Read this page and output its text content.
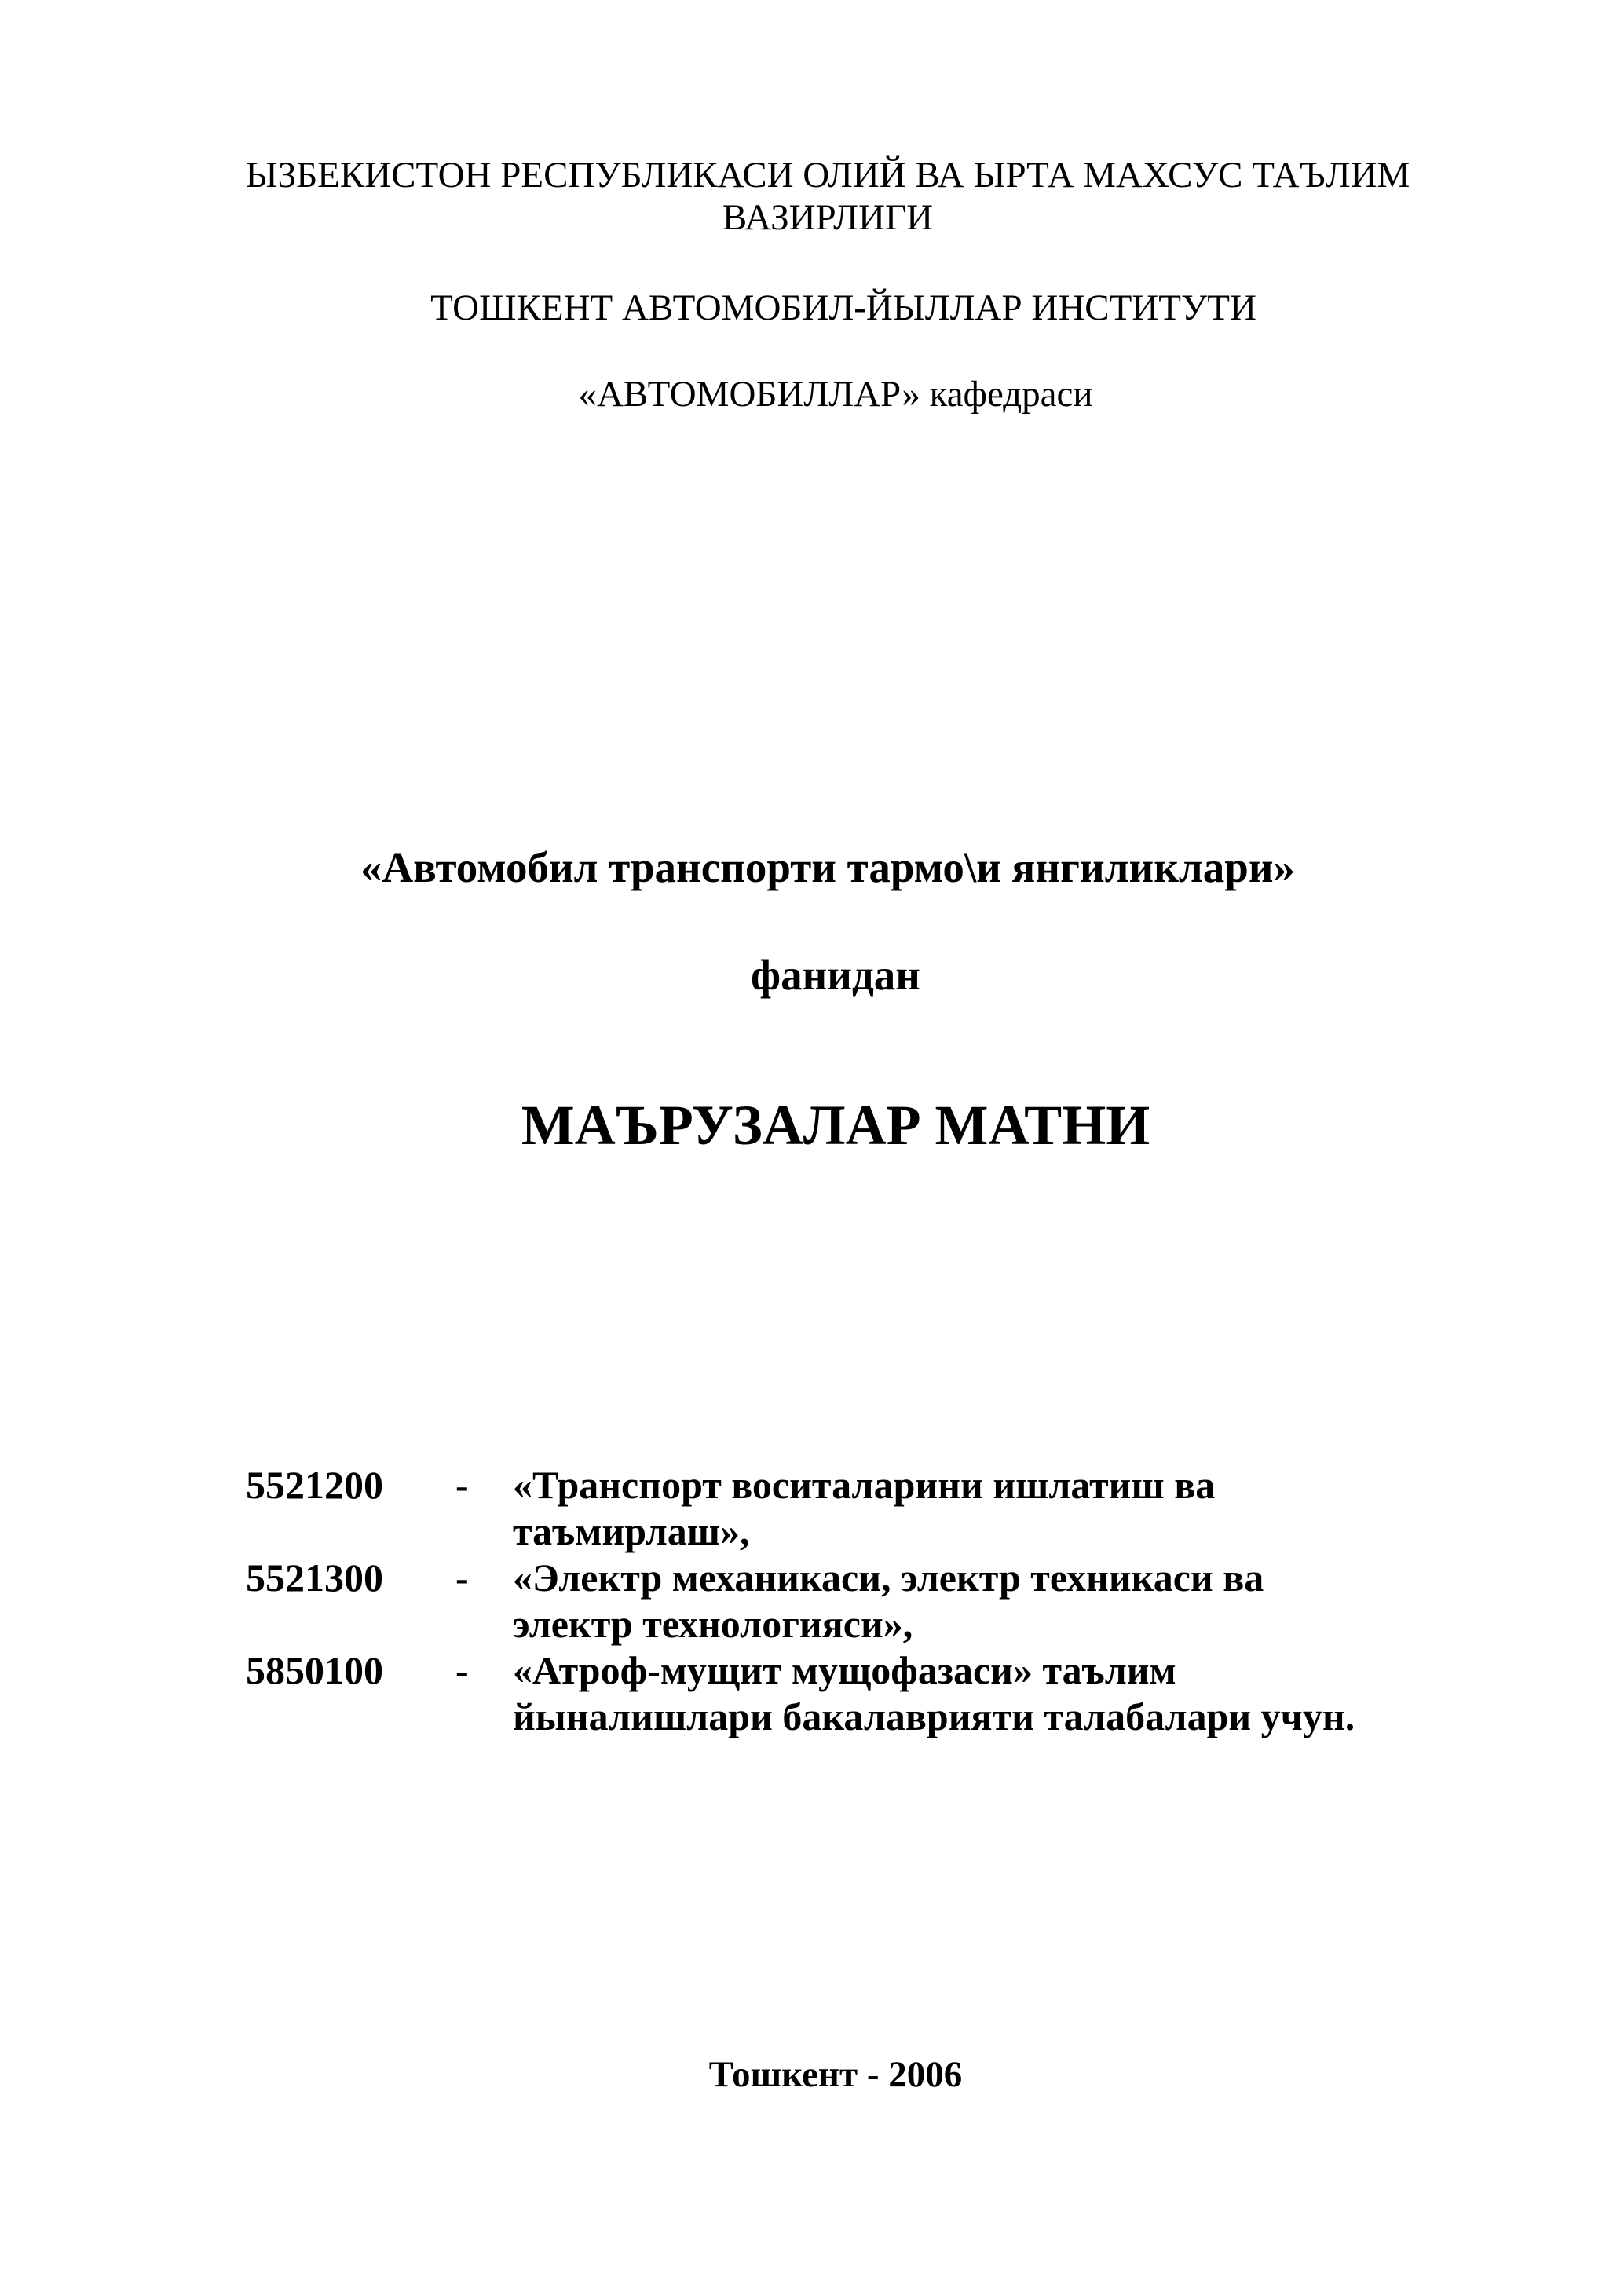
ЫЗБЕКИСТОН РЕСПУБЛИКАСИ ОЛИЙ ВА ЫРТА МАХСУС ТАЪЛИМ
ВАЗИРЛИГИ
ТОШКЕНТ АВТОМОБИЛ-ЙЫЛЛАР ИНСТИТУТИ
«АВТОМОБИЛЛАР» кафедраси
«Автомобил транспорти тармо\и янгиликлари»
фанидан
МАЪРУЗАЛАР МАТНИ
5521200 - «Транспорт воситаларини ишлатиш ва
таъмирлаш»,
5521300 - «Электр механикаси, электр техникаси ва
электр технологияси»,
5850100 - «Атроф-мущит мущофазаси» таълим
йыналишлари бакалаврияти талабалари учун.
Тошкент - 2006
